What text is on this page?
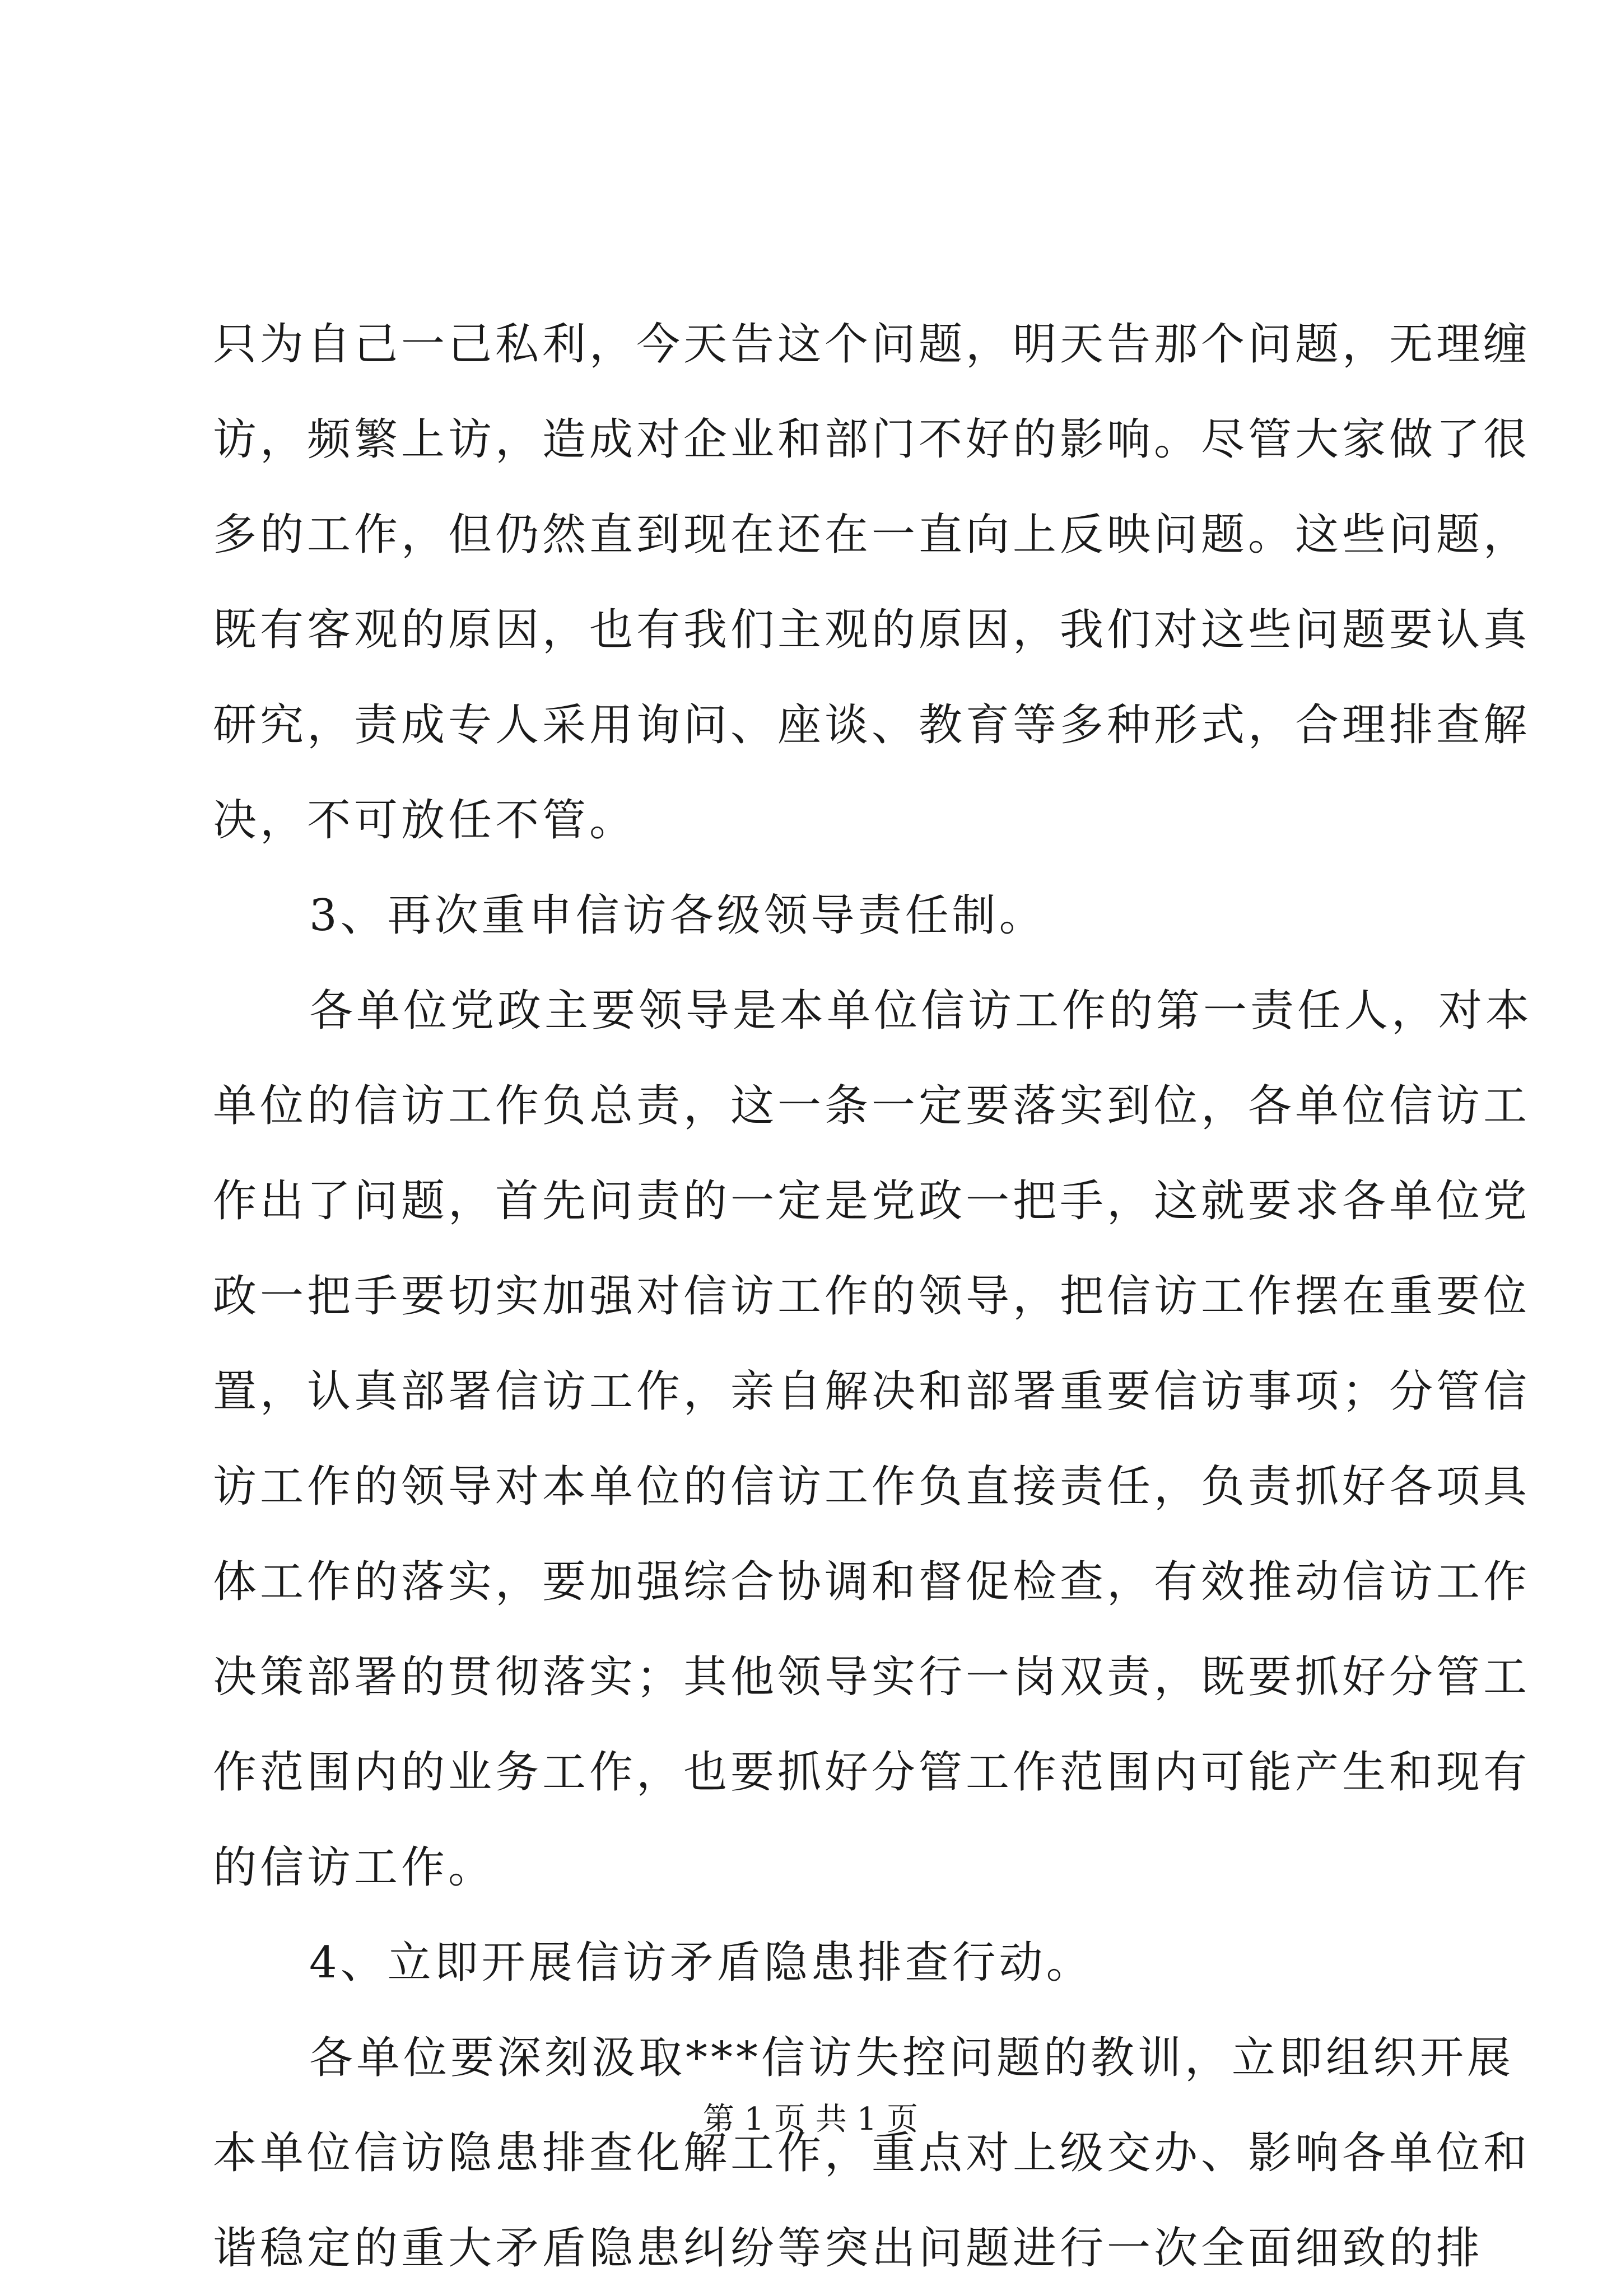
只为自己一己私利，今天告这个问题，明天告那个问题，无理缠
访，频繁上访，造成对企业和部门不好的影响。尽管大家做了很
多的工作，但仍然直到现在还在一直向上反映问题。这些问题，
既有客观的原因，也有我们主观的原因，我们对这些问题要认真
研究，责成专人采用询问、座谈、教育等多种形式，合理排查解
决，不可放任不管。
3、再次重申信访各级领导责任制。
各单位党政主要领导是本单位信访工作的第一责任人，对本
单位的信访工作负总责，这一条一定要落实到位，各单位信访工
作出了问题，首先问责的一定是党政一把手，这就要求各单位党
政一把手要切实加强对信访工作的领导，把信访工作摆在重要位
置，认真部署信访工作，亲自解决和部署重要信访事项；分管信
访工作的领导对本单位的信访工作负直接责任，负责抓好各项具
体工作的落实，要加强综合协调和督促检查，有效推动信访工作
决策部署的贯彻落实；其他领导实行一岗双责，既要抓好分管工
作范围内的业务工作，也要抓好分管工作范围内可能产生和现有
的信访工作。
4、立即开展信访矛盾隐患排查行动。
各单位要深刻汲取***信访失控问题的教训，立即组织开展
本单位信访隐患排查化解工作，重点对上级交办、影响各单位和
谐稳定的重大矛盾隐患纠纷等突出问题进行一次全面细致的排
第 1 页 共 1 页
